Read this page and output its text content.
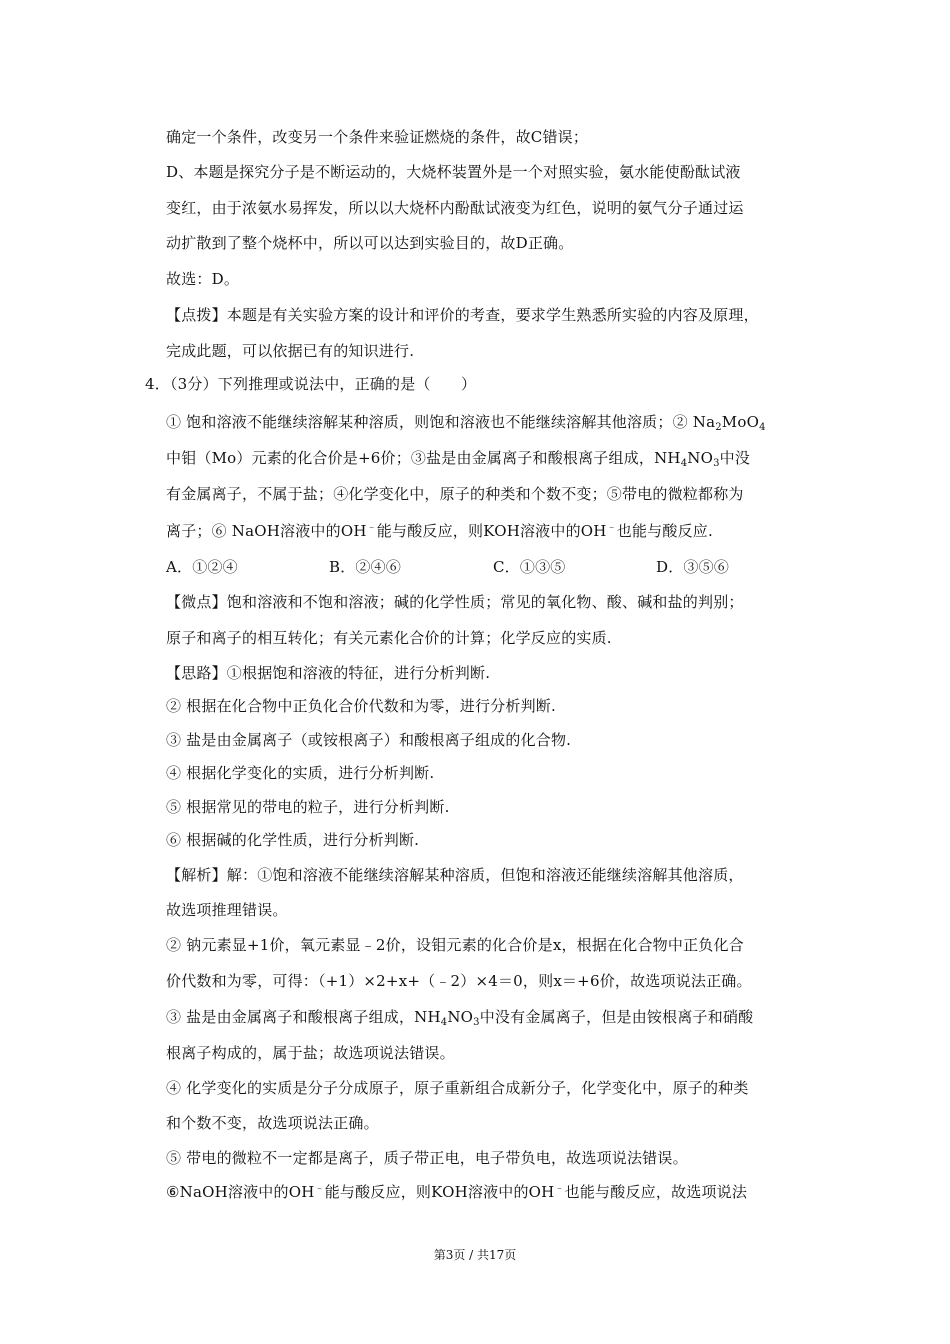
确定一个条件，改变另一个条件来验证燃烧的条件，故C错误；
D、本题是探究分子是不断运动的，大烧杯装置外是一个对照实验，氨水能使酚酞试液
变红，由于浓氨水易挥发，所以以大烧杯内酚酞试液变为红色，说明的氨气分子通过运
动扩散到了整个烧杯中，所以可以达到实验目的，故D正确。
故选：D。
【点拨】本题是有关实验方案的设计和评价的考查，要求学生熟悉所实验的内容及原理，
完成此题，可以依据已有的知识进行.
4．（3分）下列推理或说法中，正确的是（　　）
① 饱和溶液不能继续溶解某种溶质，则饱和溶液也不能继续溶解其他溶质；② $Na_2MoO_4$
中钼（Mo）元素的化合价是+6价；③盐是由金属离子和酸根离子组成，$NH_4NO_3$中没
有金属离子，不属于盐；④化学变化中，原子的种类和个数不变；⑤带电的微粒都称为
离子；⑥ NaOH溶液中的OH﹣能与酸反应，则KOH溶液中的OH﹣也能与酸反应.
A．①②④	B．②④⑥	C．①③⑤	D．③⑤⑥
【微点】饱和溶液和不饱和溶液；碱的化学性质；常见的氧化物、酸、碱和盐的判别；
原子和离子的相互转化；有关元素化合价的计算；化学反应的实质.
【思路】①根据饱和溶液的特征，进行分析判断.
② 根据在化合物中正负化合价代数和为零，进行分析判断.
③ 盐是由金属离子（或铵根离子）和酸根离子组成的化合物.
④ 根据化学变化的实质，进行分析判断.
⑤ 根据常见的带电的粒子，进行分析判断.
⑥ 根据碱的化学性质，进行分析判断.
【解析】解：①饱和溶液不能继续溶解某种溶质，但饱和溶液还能继续溶解其他溶质，
故选项推理错误。
② 钠元素显+1价，氧元素显﹣2价，设钼元素的化合价是x，根据在化合物中正负化合
价代数和为零，可得：（+1）×2+x+（﹣2）×4＝0，则x＝+6价，故选项说法正确。
③ 盐是由金属离子和酸根离子组成，$NH_4NO_3$中没有金属离子，但是由铵根离子和硝酸
根离子构成的，属于盐；故选项说法错误。
④ 化学变化的实质是分子分成原子，原子重新组合成新分子，化学变化中，原子的种类
和个数不变，故选项说法正确。
⑤ 带电的微粒不一定都是离子，质子带正电，电子带负电，故选项说法错误。
⑥NaOH溶液中的OH﹣能与酸反应，则KOH溶液中的OH﹣也能与酸反应，故选项说法
第3页 / 共17页
